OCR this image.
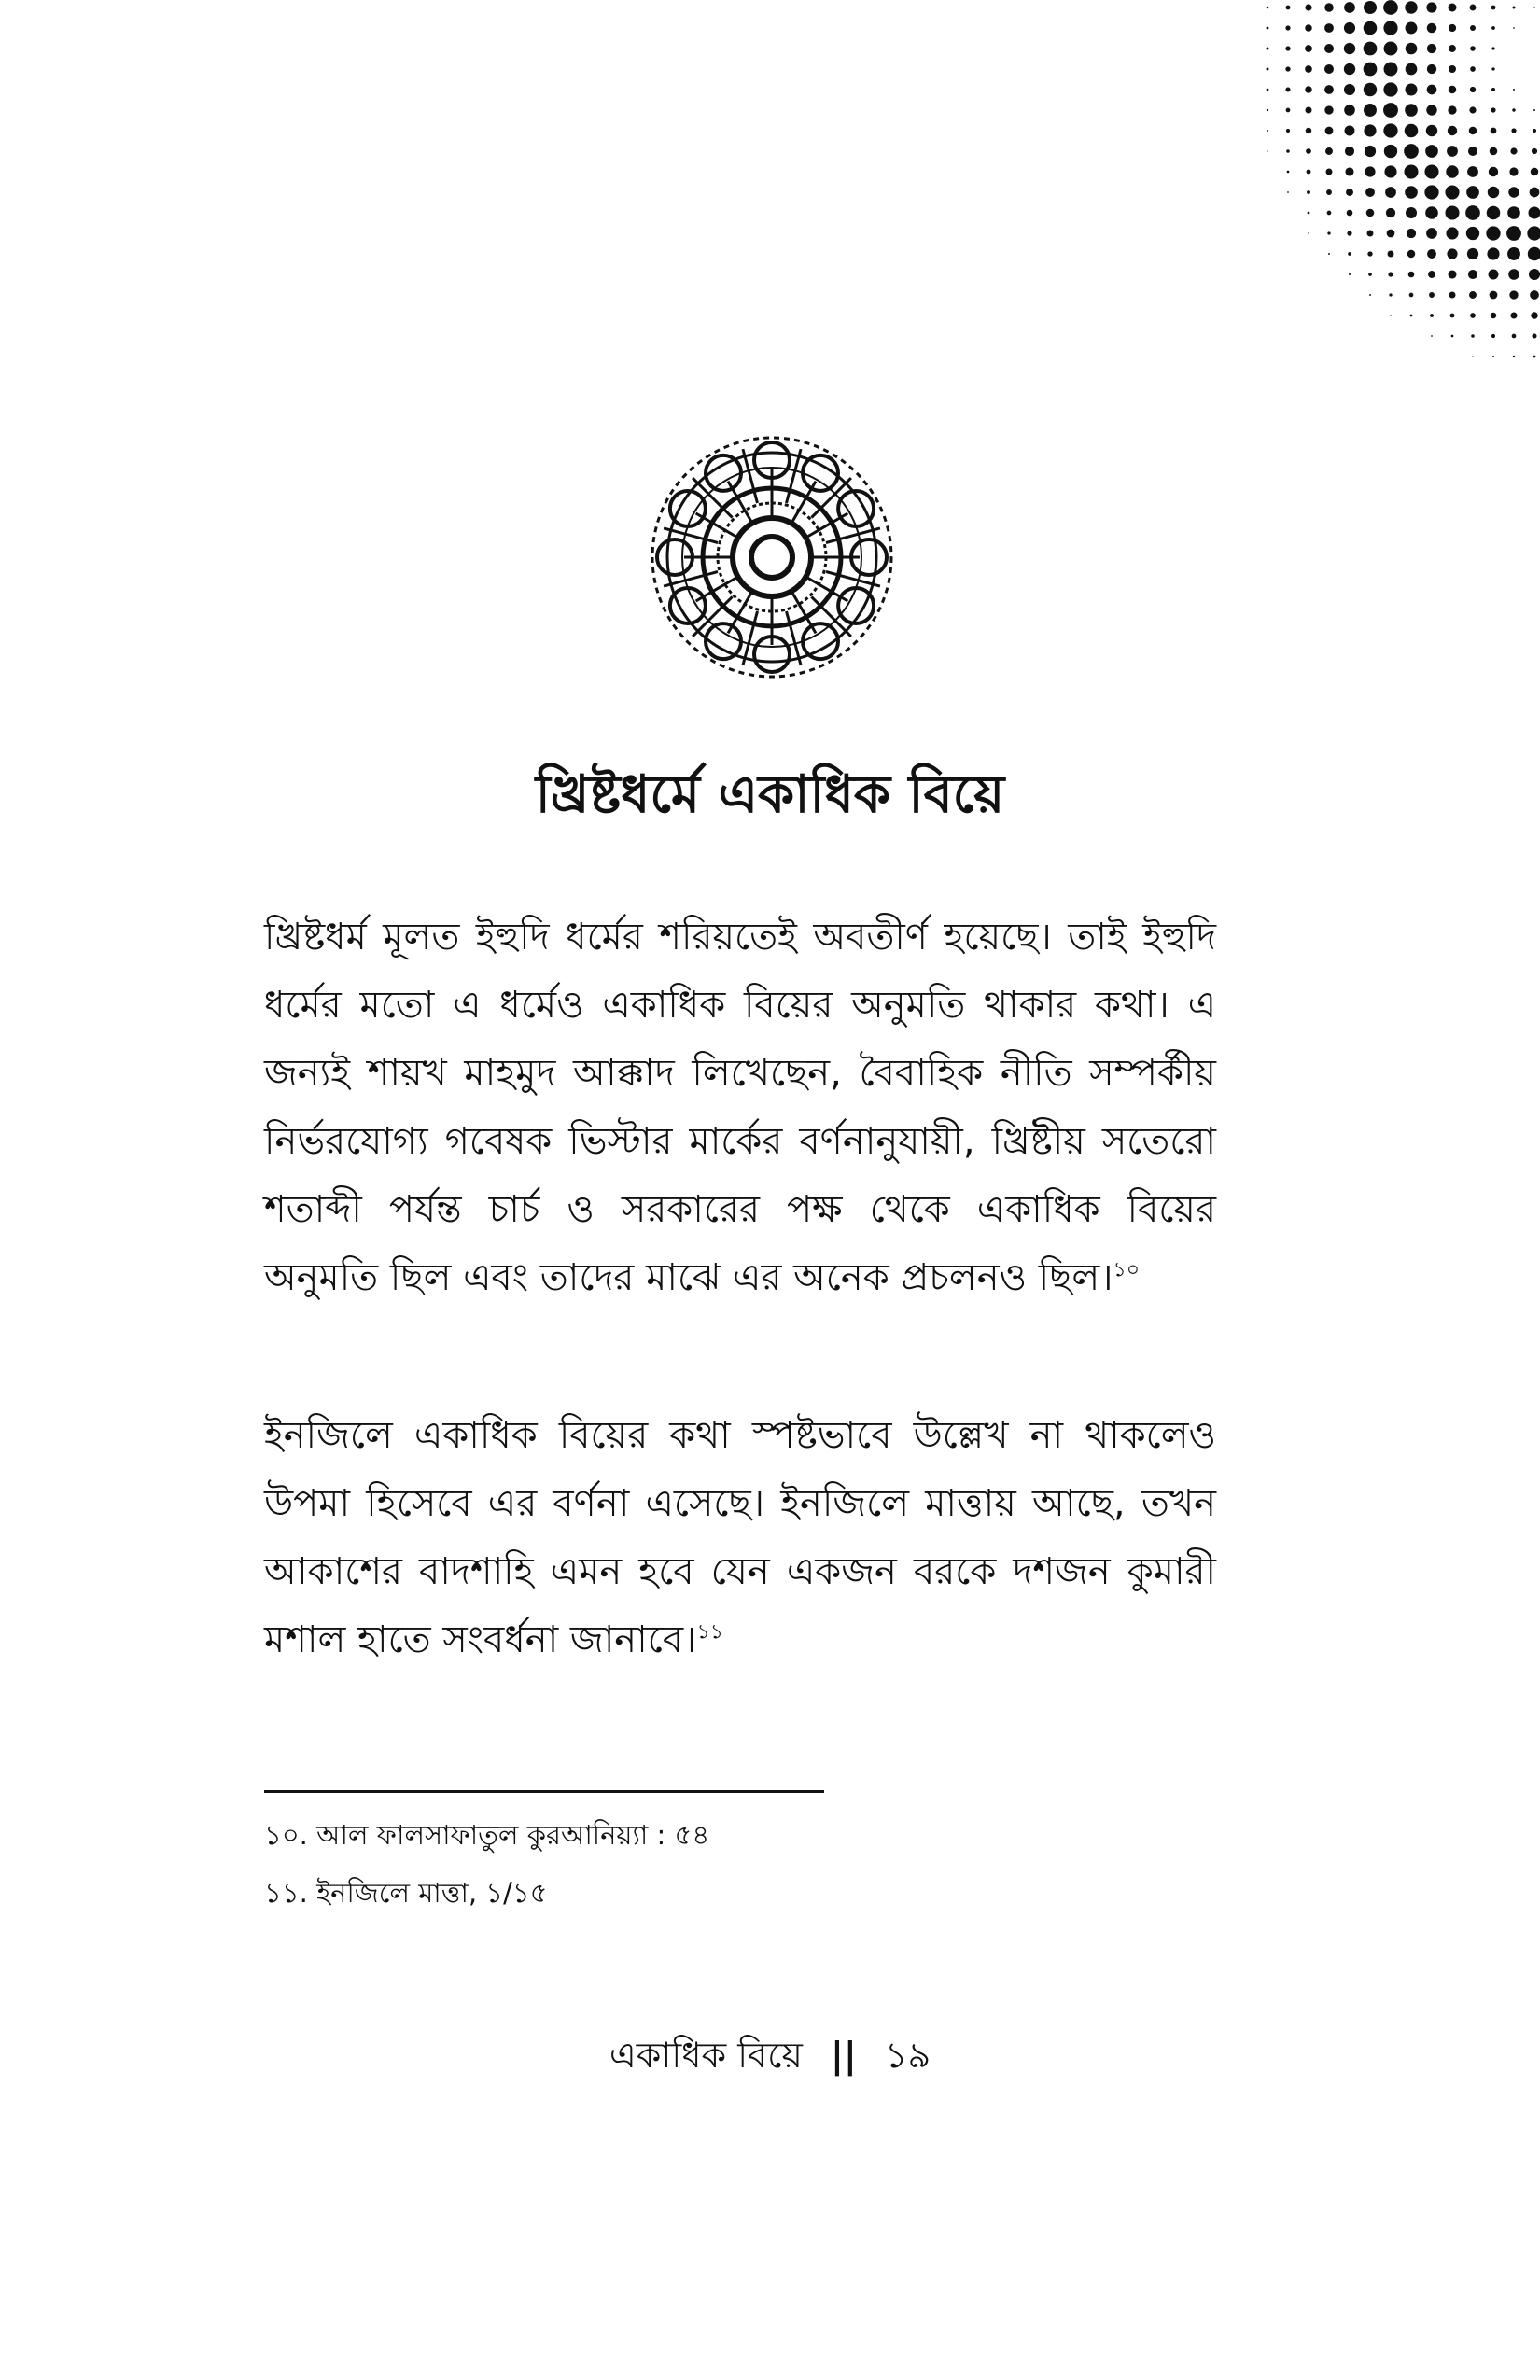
খ্রিষ্টধর্মে একাধিক বিয়ে

খ্রিষ্টধর্ম মূলত ইহুদি ধর্মের শরিয়তেই অবতীর্ণ হয়েছে। তাই ইহুদি ধর্মের মতো এ ধর্মেও একাধিক বিয়ের অনুমতি থাকার কথা। এ জন্যই শায়খ মাহমুদ আক্কাদ লিখেছেন, বৈবাহিক নীতি সম্পর্কীয় নির্ভরযোগ্য গবেষক ভিস্টার মার্কের বর্ণনানুযায়ী, খ্রিষ্টীয় সতেরো শতাব্দী পর্যন্ত চার্চ ও সরকারের পক্ষ থেকে একাধিক বিয়ের অনুমতি ছিল এবং তাদের মাঝে এর অনেক প্রচলনও ছিল।$^{১০}$

ইনজিলে একাধিক বিয়ের কথা স্পষ্টভাবে উল্লেখ না থাকলেও উপমা হিসেবে এর বর্ণনা এসেছে। ইনজিলে মাত্তায় আছে, তখন আকাশের বাদশাহি এমন হবে যেন একজন বরকে দশজন কুমারী মশাল হাতে সংবর্ধনা জানাবে।$^{১১}$

১০. আল ফালসাফাতুল কুরআনিয়্যা : ৫৪
১১. ইনজিলে মাত্তা, ১/১৫
একাধিক বিয়ে || ১৯
